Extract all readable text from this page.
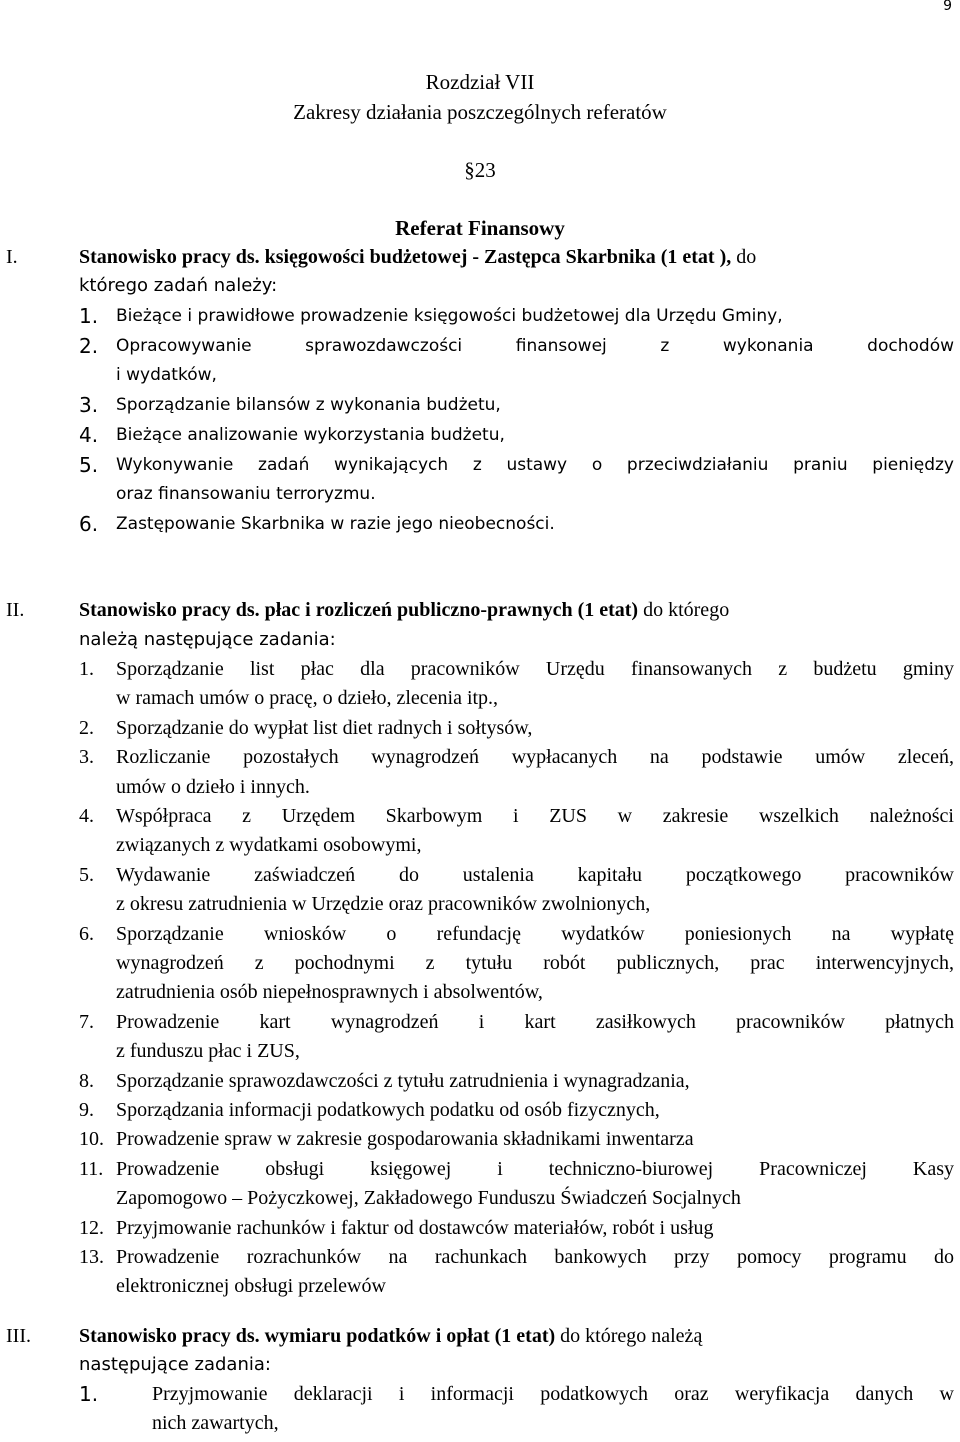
9
Rozdział VII
Zakresy działania poszczególnych referatów
§23
Referat Finansowy
I.	Stanowisko pracy ds. księgowości budżetowej - Zastępca Skarbnika (1 etat ), do
którego zadań należy:
1. Bieżące i prawidłowe prowadzenie księgowości budżetowej dla Urzędu Gminy,
2. Opracowywanie sprawozdawczości finansowej z wykonania dochodów
i wydatków,
3. Sporządzanie bilansów z wykonania budżetu,
4. Bieżące analizowanie wykorzystania budżetu,
5. Wykonywanie zadań wynikających z ustawy o przeciwdziałaniu praniu pieniędzy
oraz finansowaniu terroryzmu.
6. Zastępowanie Skarbnika w razie jego nieobecności.
II.	Stanowisko pracy ds. płac i rozliczeń publiczno-prawnych (1 etat) do którego
należą następujące zadania:
1. Sporządzanie list płac dla pracowników Urzędu finansowanych z budżetu gminy
w ramach umów o pracę, o dzieło, zlecenia itp.,
2. Sporządzanie do wypłat list diet radnych i sołtysów,
3. Rozliczanie pozostałych wynagrodzeń wypłacanych na podstawie umów zleceń,
umów o dzieło i innych.
4. Współpraca z Urzędem Skarbowym i ZUS w zakresie wszelkich należności
związanych z wydatkami osobowymi,
5. Wydawanie zaświadczeń do ustalenia kapitału początkowego pracowników
z okresu zatrudnienia w Urzędzie oraz pracowników zwolnionych,
6. Sporządzanie wniosków o refundację wydatków poniesionych na wypłatę
wynagrodzeń z pochodnymi z tytułu robót publicznych, prac interwencyjnych,
zatrudnienia osób niepełnosprawnych i absolwentów,
7. Prowadzenie kart wynagrodzeń i kart zasiłkowych pracowników płatnych
z funduszu płac i ZUS,
8. Sporządzanie sprawozdawczości z tytułu zatrudnienia i wynagradzania,
9. Sporządzania informacji podatkowych podatku od osób fizycznych,
10. Prowadzenie spraw w zakresie gospodarowania składnikami inwentarza
11. Prowadzenie obsługi księgowej i techniczno-biurowej Pracowniczej Kasy
Zapomogowo – Pożyczkowej, Zakładowego Funduszu Świadczeń Socjalnych
12. Przyjmowanie rachunków i faktur od dostawców materiałów, robót i usług
13. Prowadzenie rozrachunków na rachunkach bankowych przy pomocy programu do
elektronicznej obsługi przelewów
III. Stanowisko pracy ds. wymiaru podatków i opłat (1 etat) do którego należą
następujące zadania:
1.	Przyjmowanie deklaracji i informacji podatkowych oraz weryfikacja danych w
nich zawartych,
